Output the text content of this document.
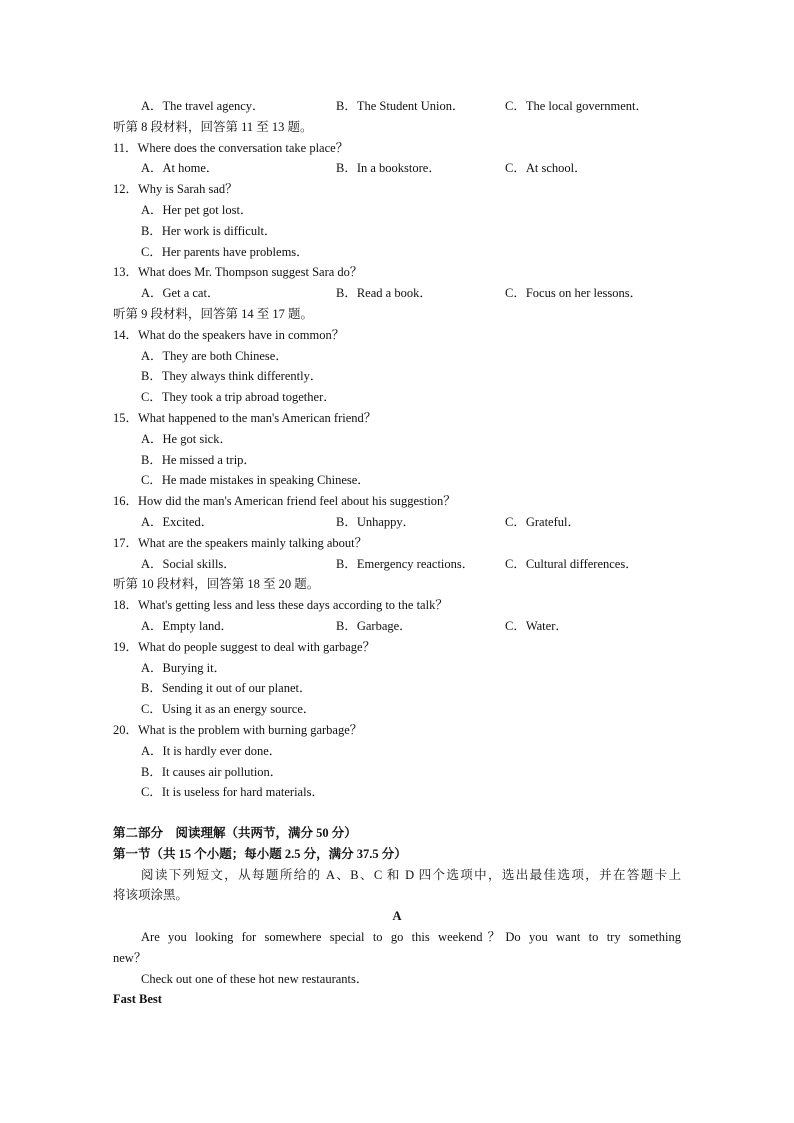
A．The travel agency．	B．The Student Union．	C．The local government．
听第 8 段材料，回答第 11 至 13 题。
11．Where does the conversation take place？
A．At home．	B．In a bookstore．	C．At school．
12．Why is Sarah sad？
A．Her pet got lost．
B．Her work is difficult．
C．Her parents have problems．
13．What does Mr. Thompson suggest Sara do？
A．Get a cat．	B．Read a book．	C．Focus on her lessons．
听第 9 段材料，回答第 14 至 17 题。
14．What do the speakers have in common？
A．They are both Chinese．
B．They always think differently．
C．They took a trip abroad together．
15．What happened to the man's American friend？
A．He got sick．
B．He missed a trip．
C．He made mistakes in speaking Chinese．
16．How did the man's American friend feel about his suggestion？
A．Excited．	B．Unhappy．	C．Grateful．
17．What are the speakers mainly talking about？
A．Social skills．	B．Emergency reactions． C．Cultural differences．
听第 10 段材料，回答第 18 至 20 题。
18．What's getting less and less these days according to the talk？
A．Empty land．	B．Garbage．	C．Water．
19．What do people suggest to deal with garbage？
A．Burying it．
B．Sending it out of our planet．
C．Using it as an energy source．
20．What is the problem with burning garbage？
A．It is hardly ever done．
B．It causes air pollution．
C．It is useless for hard materials．
第二部分　阅读理解（共两节，满分 50 分）
第一节（共 15 个小题；每小题 2.5 分，满分 37.5 分）
阅读下列短文，从每题所给的 A、B、C 和 D 四个选项中，选出最佳选项，并在答题卡上
将该项涂黑。
A
Are you looking for somewhere special to go this weekend？Do you want to try something
new？
Check out one of these hot new restaurants．
Fast Best
